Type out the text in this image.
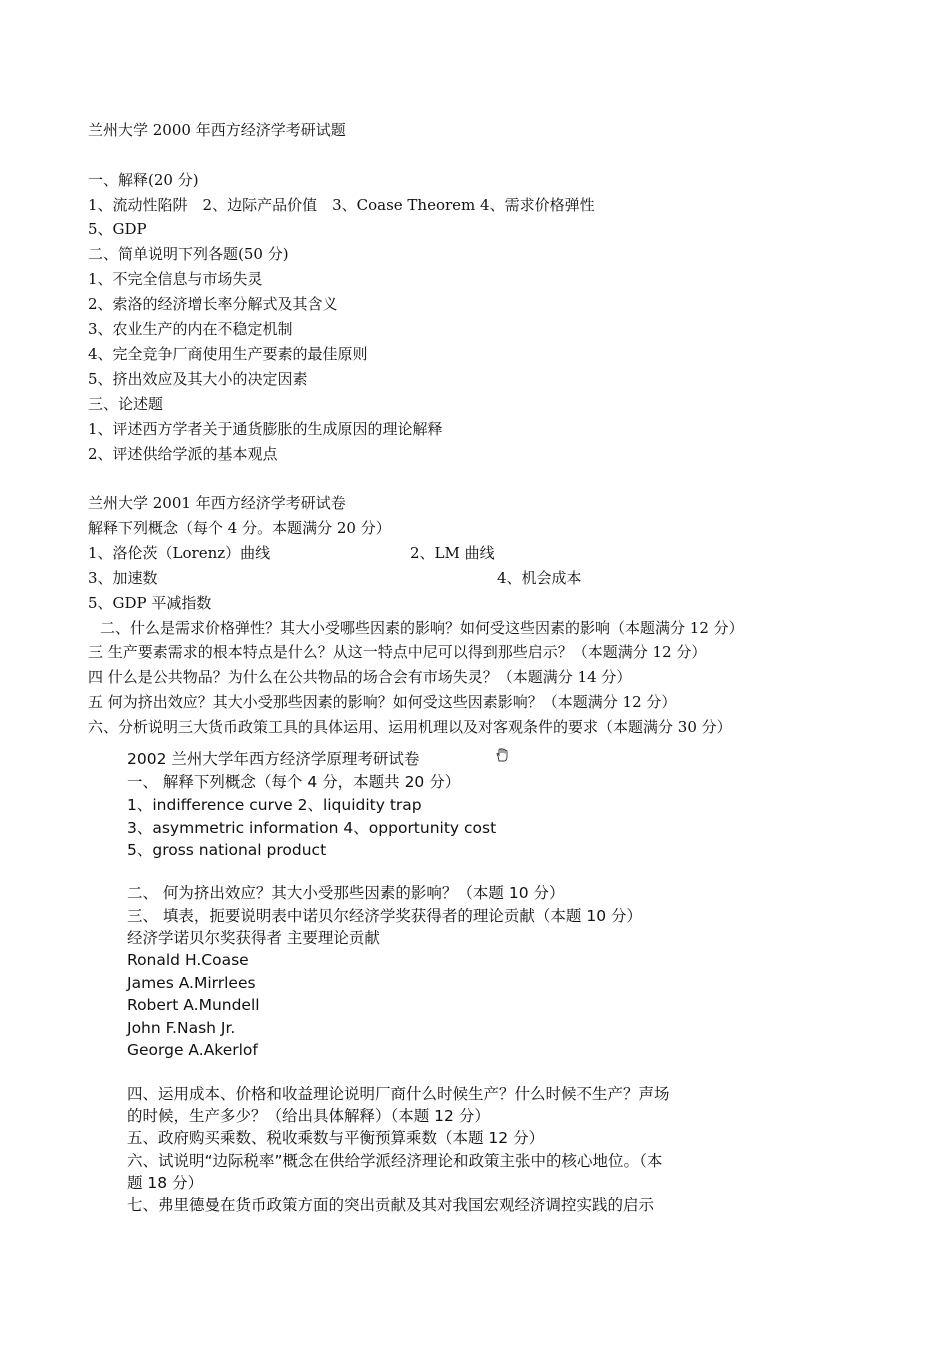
兰州大学 2000 年西方经济学考研试题
一、解释(20 分)
1、流动性陷阱　2、边际产品价值　3、Coase Theorem 4、需求价格弹性
5、GDP
二、简单说明下列各题(50 分)
1、不完全信息与市场失灵
2、索洛的经济增长率分解式及其含义
3、农业生产的内在不稳定机制
4、完全竞争厂商使用生产要素的最佳原则
5、挤出效应及其大小的决定因素
三、论述题
1、评述西方学者关于通货膨胀的生成原因的理论解释
2、评述供给学派的基本观点
兰州大学 2001 年西方经济学考研试卷
解释下列概念（每个 4 分。本题满分 20 分）
1、洛伦茨（Lorenz）曲线	2、LM 曲线
3、加速数	4、机会成本
5、GDP 平减指数
二、什么是需求价格弹性？其大小受哪些因素的影响？如何受这些因素的影响（本题满分 12 分）
三 生产要素需求的根本特点是什么？从这一特点中尼可以得到那些启示？（本题满分 12 分）
四 什么是公共物品？为什么在公共物品的场合会有市场失灵？（本题满分 14 分）
五 何为挤出效应？其大小受那些因素的影响？如何受这些因素影响？（本题满分 12 分）
六、分析说明三大货币政策工具的具体运用、运用机理以及对客观条件的要求（本题满分 30 分）
2002 兰州大学年西方经济学原理考研试卷
一、 解释下列概念（每个 4 分，本题共 20 分）
1、indifference curve 2、liquidity trap
3、asymmetric information 4、opportunity cost
5、gross national product
二、 何为挤出效应？其大小受那些因素的影响？（本题 10 分）
三、 填表，扼要说明表中诺贝尔经济学奖获得者的理论贡献（本题 10 分）
经济学诺贝尔奖获得者 主要理论贡献
Ronald H.Coase
James A.Mirrlees
Robert A.Mundell
John F.Nash Jr.
George A.Akerlof
四、运用成本、价格和收益理论说明厂商什么时候生产？什么时候不生产？声场
的时候，生产多少？（给出具体解释）（本题 12 分）
五、政府购买乘数、税收乘数与平衡预算乘数（本题 12 分）
六、试说明“边际税率”概念在供给学派经济理论和政策主张中的核心地位。（本
题 18 分）
七、弗里德曼在货币政策方面的突出贡献及其对我国宏观经济调控实践的启示
